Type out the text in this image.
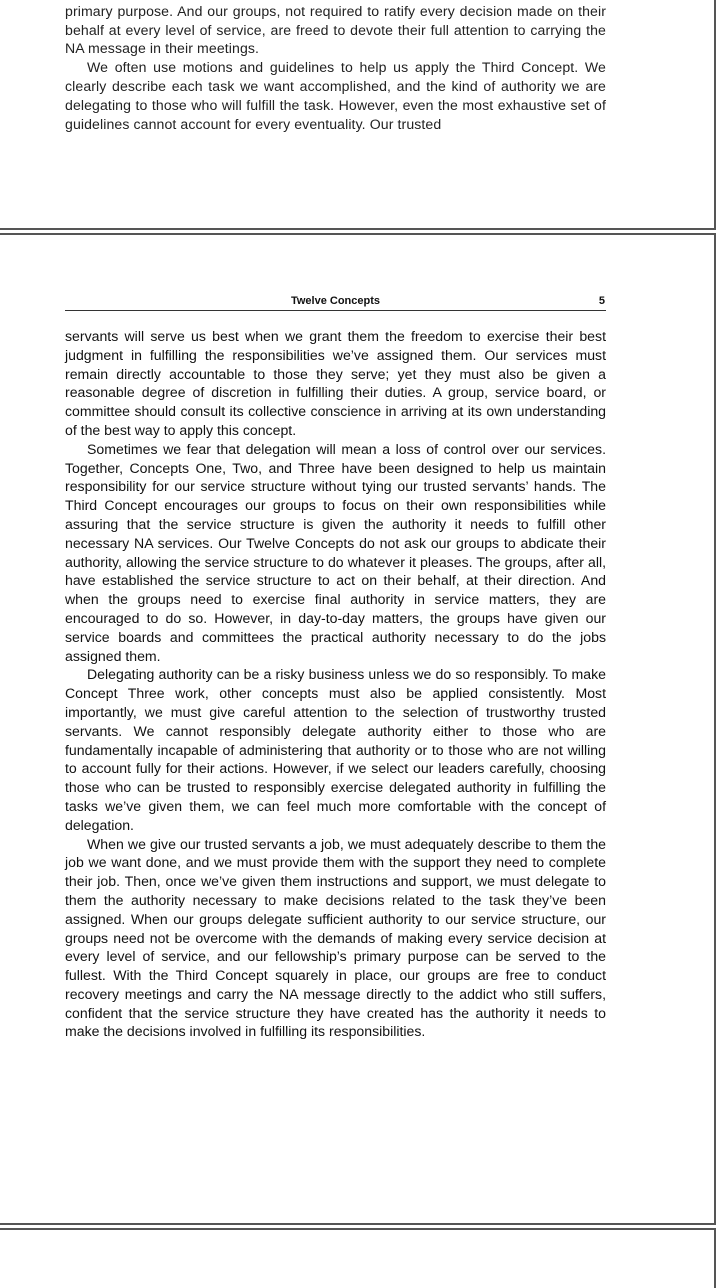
primary purpose. And our groups, not required to ratify every decision made on their behalf at every level of service, are freed to devote their full attention to carrying the NA message in their meetings.

We often use motions and guidelines to help us apply the Third Concept. We clearly describe each task we want accomplished, and the kind of authority we are delegating to those who will fulfill the task. However, even the most exhaustive set of guidelines cannot account for every eventuality. Our trusted

Twelve Concepts	5

servants will serve us best when we grant them the freedom to exercise their best judgment in fulfilling the responsibilities we’ve assigned them. Our services must remain directly accountable to those they serve; yet they must also be given a reasonable degree of discretion in fulfilling their duties. A group, service board, or committee should consult its collective conscience in arriving at its own understanding of the best way to apply this concept.

Sometimes we fear that delegation will mean a loss of control over our services. Together, Concepts One, Two, and Three have been designed to help us maintain responsibility for our service structure without tying our trusted servants’ hands. The Third Concept encourages our groups to focus on their own responsibilities while assuring that the service structure is given the authority it needs to fulfill other necessary NA services. Our Twelve Concepts do not ask our groups to abdicate their authority, allowing the service structure to do whatever it pleases. The groups, after all, have established the service structure to act on their behalf, at their direction. And when the groups need to exercise final authority in service matters, they are encouraged to do so. However, in day-to-day matters, the groups have given our service boards and committees the practical authority necessary to do the jobs assigned them.

Delegating authority can be a risky business unless we do so responsibly. To make Concept Three work, other concepts must also be applied consistently. Most importantly, we must give careful attention to the selection of trustworthy trusted servants. We cannot responsibly delegate authority either to those who are fundamentally incapable of administering that authority or to those who are not willing to account fully for their actions. However, if we select our leaders carefully, choosing those who can be trusted to responsibly exercise delegated authority in fulfilling the tasks we’ve given them, we can feel much more comfortable with the concept of delegation.

When we give our trusted servants a job, we must adequately describe to them the job we want done, and we must provide them with the support they need to complete their job. Then, once we’ve given them instructions and support, we must delegate to them the authority necessary to make decisions related to the task they’ve been assigned. When our groups delegate sufficient authority to our service structure, our groups need not be overcome with the demands of making every service decision at every level of service, and our fellowship’s primary purpose can be served to the fullest. With the Third Concept squarely in place, our groups are free to conduct recovery meetings and carry the NA message directly to the addict who still suffers, confident that the service structure they have created has the authority it needs to make the decisions involved in fulfilling its responsibilities.
